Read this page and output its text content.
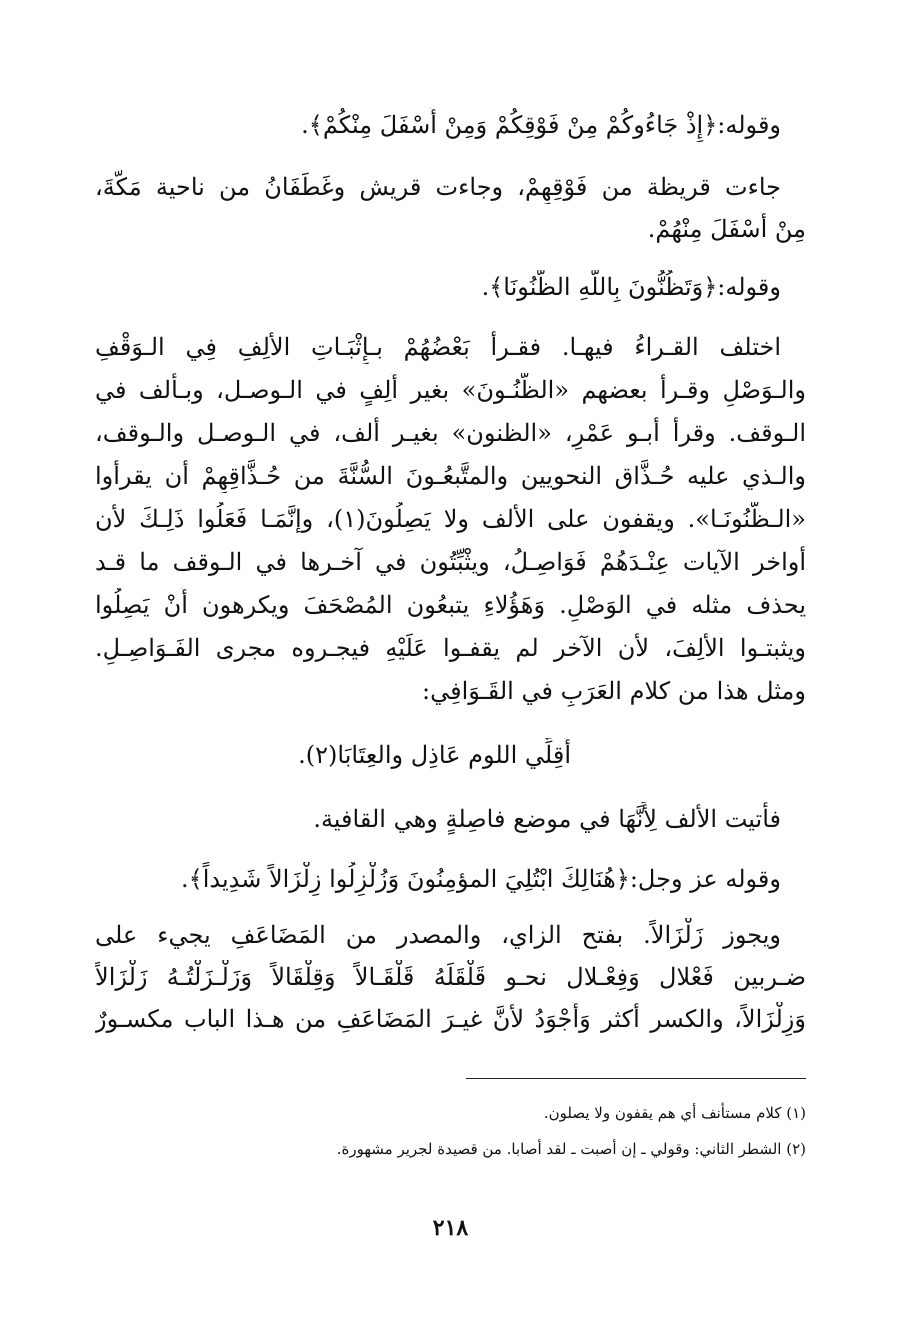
وقوله:﴿إِذْ جَاءُوكُمْ مِنْ فَوْقِكُمْ وَمِنْ أَسْفَلَ مِنْكُمْ﴾.
جاءت قريظة من فَوْقِهِمْ، وجاءت قريش وغَطَفَانُ من ناحية مَكَّةَ،
مِنْ أَسْفَلَ مِنْهُمْ.
وقوله:﴿وَتَظُنُّونَ بِاللَّهِ الظُّنُونَا﴾.
اختلف القـراءُ فيهـا. فقـرأ بَعْضُهُمْ بـإِثْبَـاتِ الألِفِ فِي الـوَقْفِ
والـوَصْلِ وقـرأ بعضهم «الظُّنُـونَ» بغير أَلِفٍ في الـوصـل، وبـألف في
الـوقف. وقرأ أبـو عَمْرٍ، «الظنون» بغيـر ألف، في الـوصـل والـوقف،
والـذي عليه حُـذَّاق النحويين والمتَّبعُـونَ السُّنَّةَ من حُـذَّاقِهِمْ أن يقرأوا
«الـظُّنُونَـا». ويقفون على الألف ولا يَصِلُونَ(١)، وإنَّمَـا فَعَلُوا ذَلِـكَ لأن
أواخر الآيات عِنْـدَهُمْ فَوَاصِـلُ، ويثْبِّتُون في آخـرها في الـوقف ما قـد
يحذف مثله في الوَصْلِ. وَهَؤُلاءِ يتبعُون المُصْحَفَ ويكرهون أَنْ يَصِلُوا
ويثبتـوا الألِفَ، لأن الآخر لم يقفـوا عَلَيْهِ فيجـروه مجرى الفَـوَاصِـلِ.
ومثل هذا من كلام العَرَبِ في القَـوَافِي:
أَقِلِّي اللوم عَاذِل والعِتَابَا(٢).
فأتيت الألف لِأَنَّهَا في موضع فاصِلةٍ وهي القافية.
وقوله عز وجل:﴿هُنَالِكَ ابْتُلِيَ المؤمِنُونَ وَزُلْزِلُوا زِلْزَالاً شَدِيداً﴾.
ويجوز زَلْزَالاً. بفتح الزاي، والمصدر من المَضَاعَفِ يجيء على
ضـربين فَعْلال وَفِعْـلال نحـو قَلْقَلَهُ قَلْقَـالاً وَقِلْقَالاً وَزَلْـزَلْتُـهُ زَلْزَالاً
وَزِلْزَالاً، والكسر أكثر وَأَجْوَدُ لأنَّ غيـرَ المَضَاعَفِ من هـذا الباب مكسـورٌ
(١) كلام مستأنف أي هم يقفون ولا يصلون.
(٢) الشطر الثاني: وقولي ـ إن أصبت ـ لقد أصابا. من قصيدة لجرير مشهورة.
٢١٨
